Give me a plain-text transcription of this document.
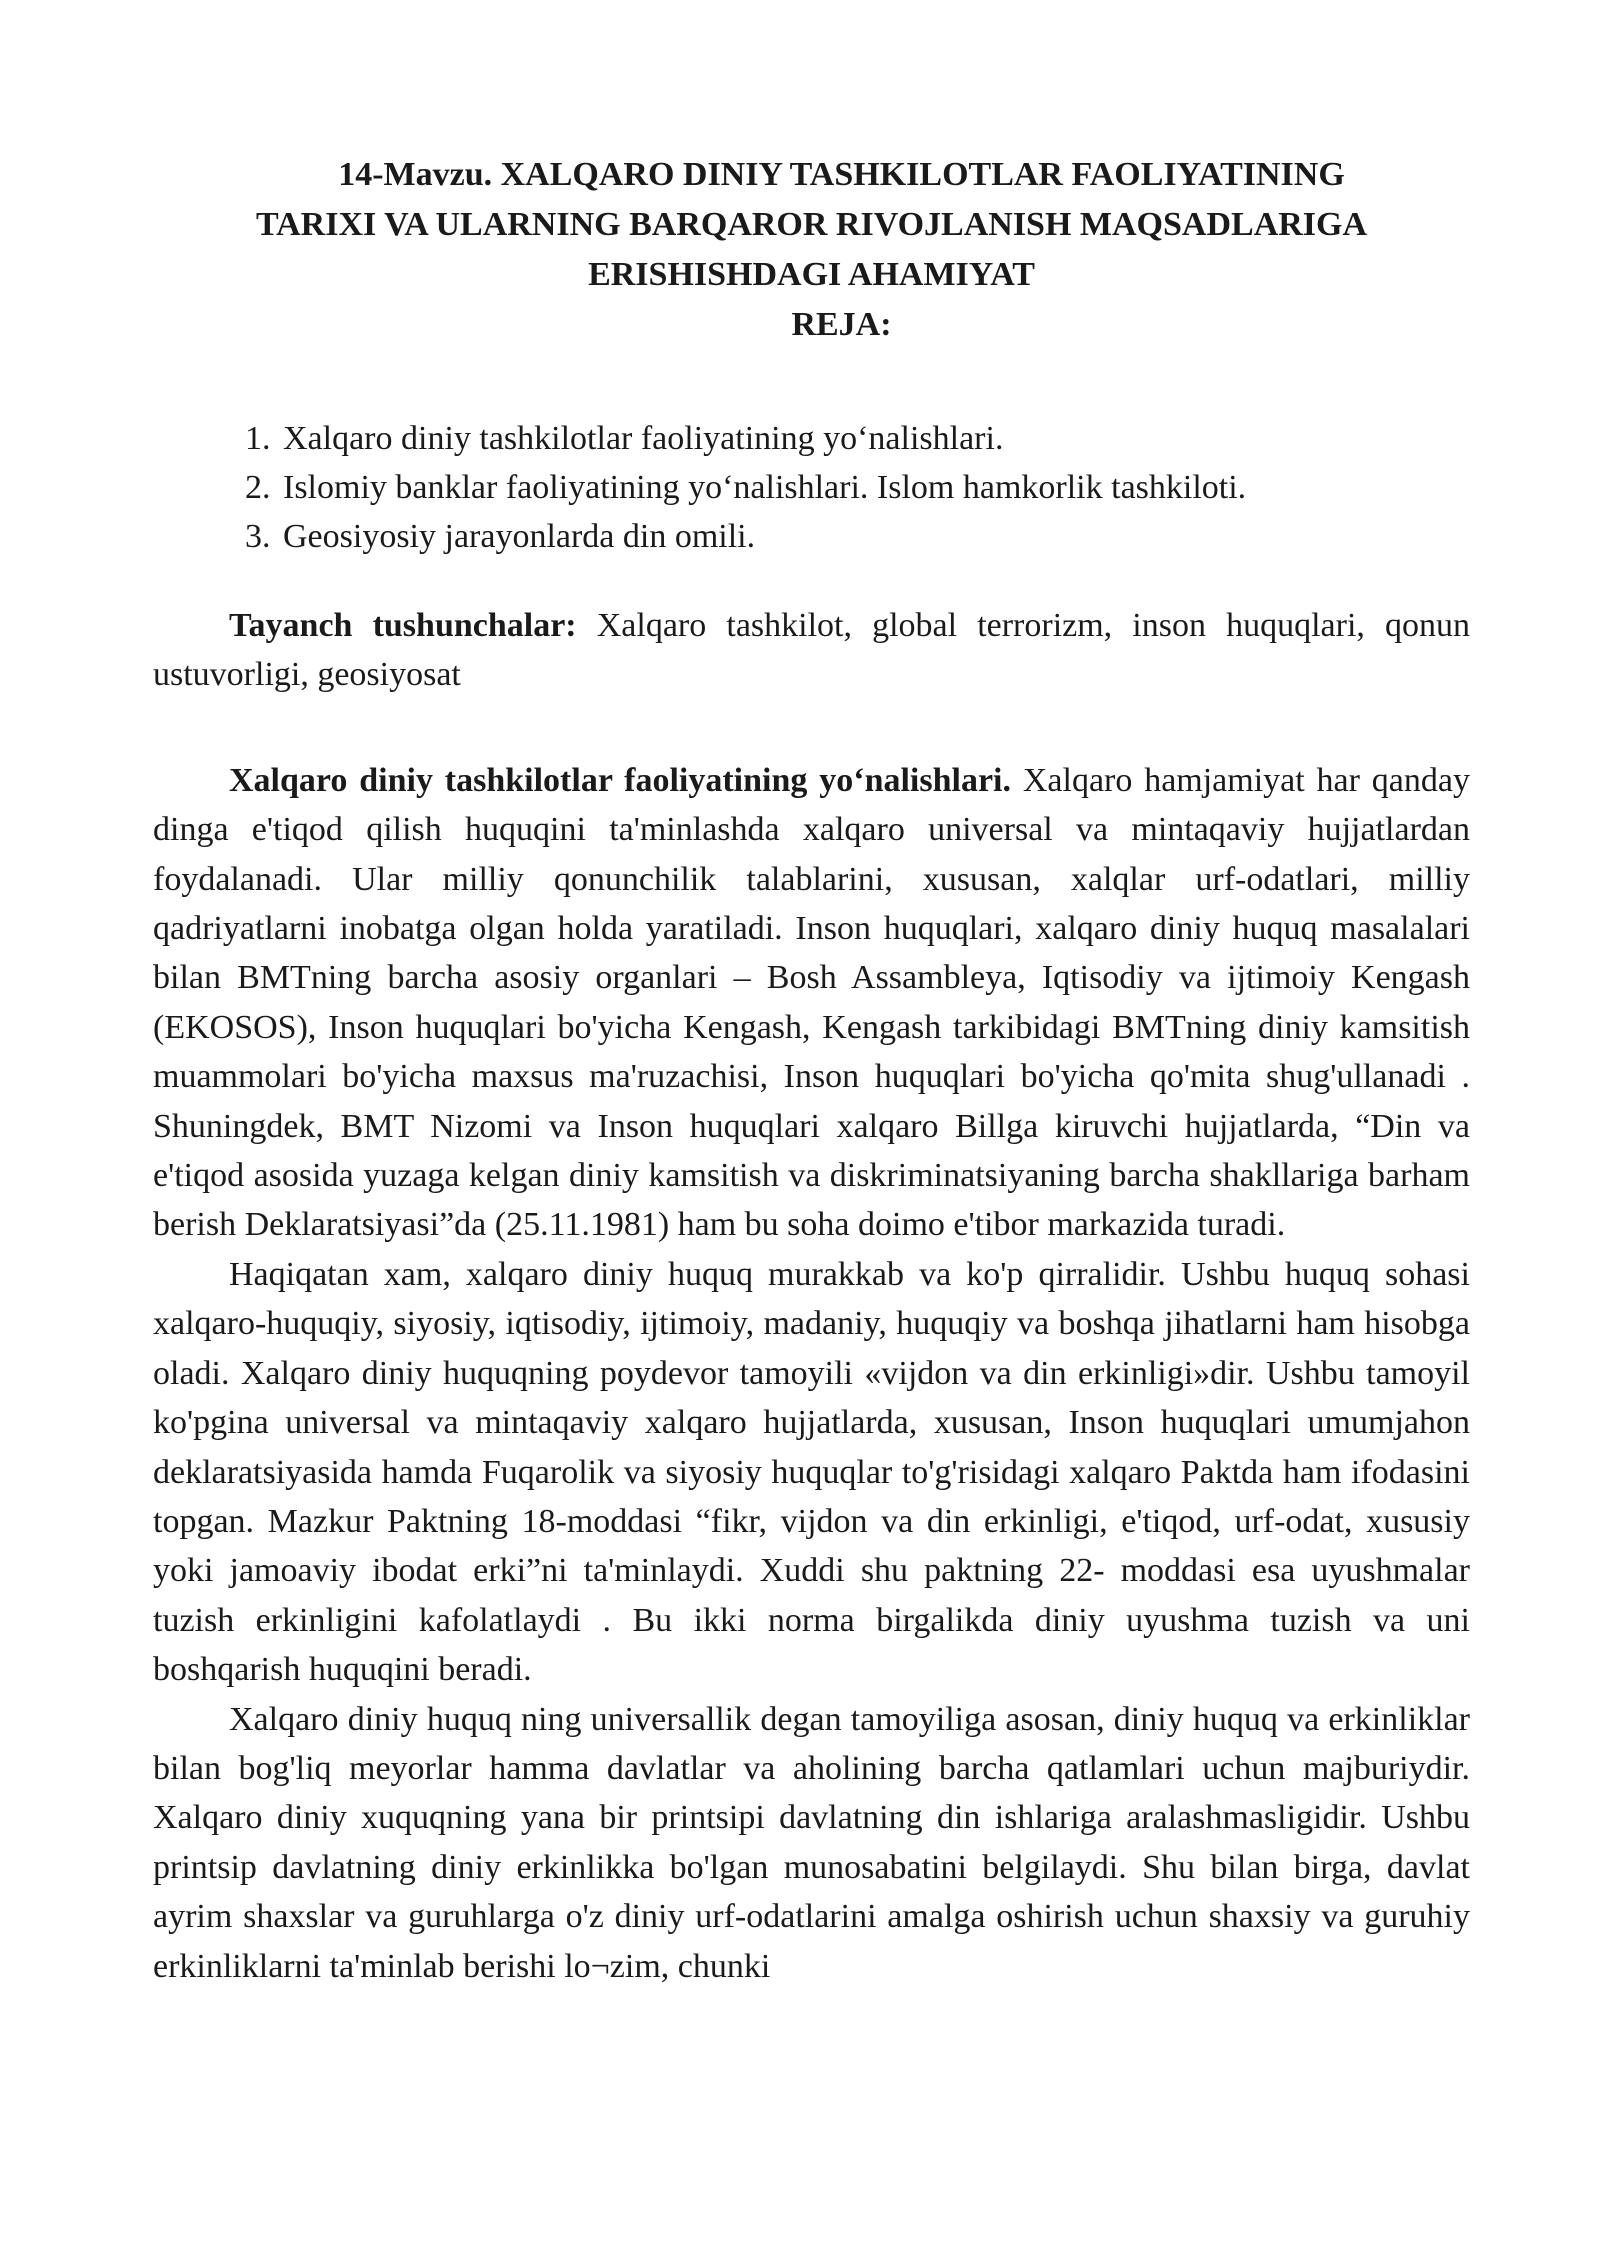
14-Mavzu. XALQARO DINIY TASHKILOTLAR FAOLIYATINING
TARIXI VA ULARNING BARQAROR RIVOJLANISH MAQSADLARIGA
ERISHISHDAGI AHAMIYAT
REJA:
1. Xalqaro diniy tashkilotlar faoliyatining yo‘nalishlari.
2. Islomiy banklar faoliyatining yo‘nalishlari. Islom hamkorlik tashkiloti.
3. Geosiyosiy jarayonlarda din omili.

Tayanch tushunchalar: Xalqaro tashkilot, global terrorizm, inson huquqlari, qonun ustuvorligi, geosiyosat

Xalqaro diniy tashkilotlar faoliyatining yo‘nalishlari. Xalqaro hamjamiyat har qanday dinga e'tiqod qilish huquqini ta'minlashda xalqaro universal va mintaqaviy hujjatlardan foydalanadi. Ular milliy qonunchilik talablarini, xususan, xalqlar urf-odatlari, milliy qadriyatlarni inobatga olgan holda yaratiladi. Inson huquqlari, xalqaro diniy huquq masalalari bilan BMTning barcha asosiy organlari – Bosh Assambleya, Iqtisodiy va ijtimoiy Kengash (EKOSOS), Inson huquqlari bo'yicha Kengash, Kengash tarkibidagi BMTning diniy kamsitish muammolari bo'yicha maxsus ma'ruzachisi, Inson huquqlari bo'yicha qo'mita shug'ullanadi . Shuningdek, BMT Nizomi va Inson huquqlari xalqaro Billga kiruvchi hujjatlarda, “Din va e'tiqod asosida yuzaga kelgan diniy kamsitish va diskriminatsiyaning barcha shakllariga barham berish Deklaratsiyasi”da (25.11.1981) ham bu soha doimo e'tibor markazida turadi.

Haqiqatan xam, xalqaro diniy huquq murakkab va ko'p qirralidir. Ushbu huquq sohasi xalqaro-huquqiy, siyosiy, iqtisodiy, ijtimoiy, madaniy, huquqiy va boshqa jihatlarni ham hisobga oladi. Xalqaro diniy huquqning poydevor tamoyili «vijdon va din erkinligi»dir. Ushbu tamoyil ko'pgina universal va mintaqaviy xalqaro hujjatlarda, xususan, Inson huquqlari umumjahon deklaratsiyasida hamda Fuqarolik va siyosiy huquqlar to'g'risidagi xalqaro Paktda ham ifodasini topgan. Mazkur Paktning 18-moddasi “fikr, vijdon va din erkinligi, e'tiqod, urf-odat, xususiy yoki jamoaviy ibodat erki”ni ta'minlaydi. Xuddi shu paktning 22- moddasi esa uyushmalar tuzish erkinligini kafolatlaydi . Bu ikki norma birgalikda diniy uyushma tuzish va uni boshqarish huquqini beradi.

Xalqaro diniy huquq ning universallik degan tamoyiliga asosan, diniy huquq va erkinliklar bilan bog'liq meyorlar hamma davlatlar va aholining barcha qatlamlari uchun majburiydir. Xalqaro diniy xuquqning yana bir printsipi davlatning din ishlariga aralashmasligidir. Ushbu printsip davlatning diniy erkinlikka bo'lgan munosabatini belgilaydi. Shu bilan birga, davlat ayrim shaxslar va guruhlarga o'z diniy urf-odatlarini amalga oshirish uchun shaxsiy va guruhiy erkinliklarni ta'minlab berishi lo¬zim, chunki
